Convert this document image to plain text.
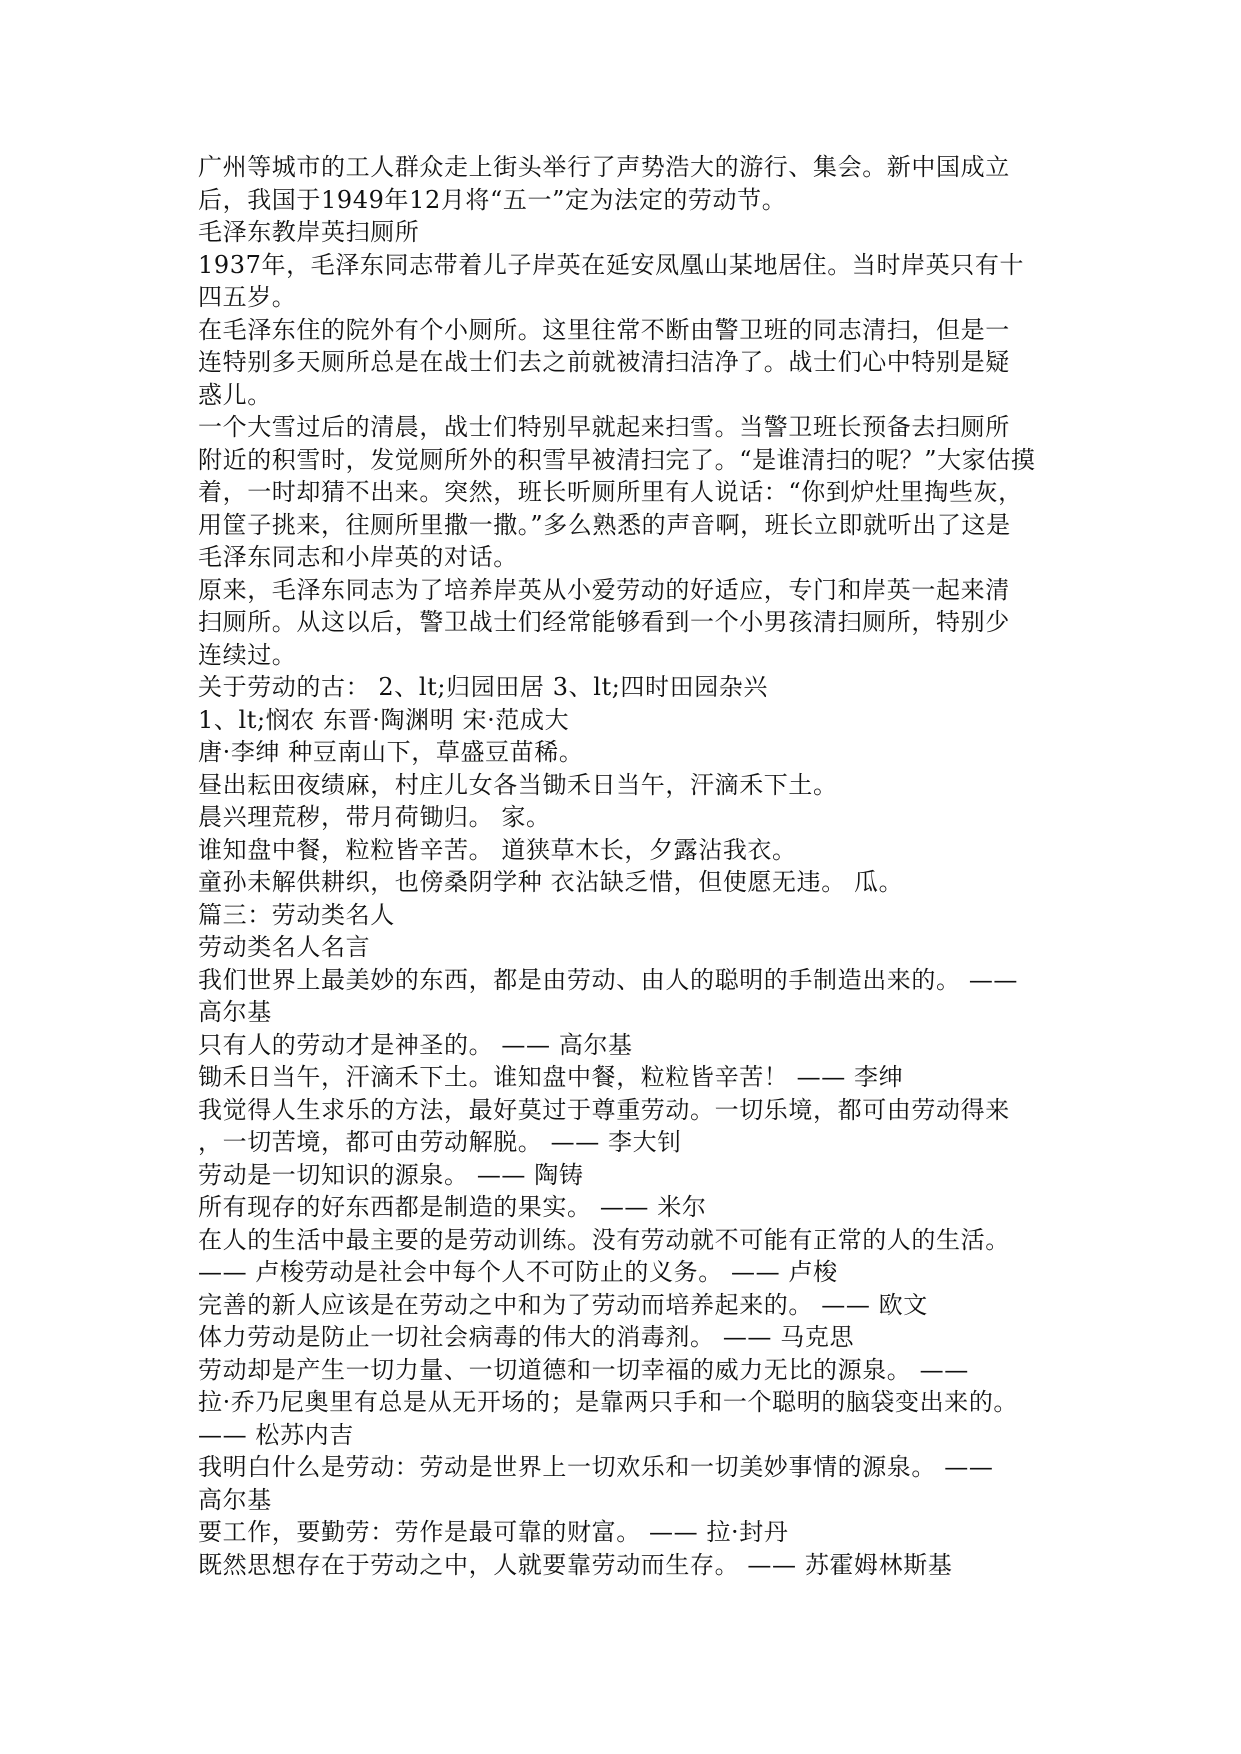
广州等城市的工人群众走上街头举行了声势浩大的游行、集会。新中国成立
后，我国于1949年12月将“五一”定为法定的劳动节。
毛泽东教岸英扫厕所
1937年，毛泽东同志带着儿子岸英在延安凤凰山某地居住。当时岸英只有十
四五岁。
在毛泽东住的院外有个小厕所。这里往常不断由警卫班的同志清扫，但是一
连特别多天厕所总是在战士们去之前就被清扫洁净了。战士们心中特别是疑
惑儿。
一个大雪过后的清晨，战士们特别早就起来扫雪。当警卫班长预备去扫厕所
附近的积雪时，发觉厕所外的积雪早被清扫完了。“是谁清扫的呢？”大家估摸
着，一时却猜不出来。突然，班长听厕所里有人说话：“你到炉灶里掏些灰，
用筐子挑来，往厕所里撒一撒。”多么熟悉的声音啊，班长立即就听出了这是
毛泽东同志和小岸英的对话。
原来，毛泽东同志为了培养岸英从小爱劳动的好适应，专门和岸英一起来清
扫厕所。从这以后，警卫战士们经常能够看到一个小男孩清扫厕所，特别少
连续过。
关于劳动的古： 2、lt;归园田居 3、lt;四时田园杂兴
1、lt;悯农 东晋·陶渊明 宋·范成大
唐·李绅 种豆南山下，草盛豆苗稀。
昼出耘田夜绩麻，村庄儿女各当锄禾日当午，汗滴禾下土。
晨兴理荒秽，带月荷锄归。 家。
谁知盘中餐，粒粒皆辛苦。 道狭草木长，夕露沾我衣。
童孙未解供耕织，也傍桑阴学种 衣沾缺乏惜，但使愿无违。 瓜。
篇三：劳动类名人
劳动类名人名言
我们世界上最美妙的东西，都是由劳动、由人的聪明的手制造出来的。 ——
高尔基
只有人的劳动才是神圣的。 —— 高尔基
锄禾日当午，汗滴禾下土。谁知盘中餐，粒粒皆辛苦！ —— 李绅
我觉得人生求乐的方法，最好莫过于尊重劳动。一切乐境，都可由劳动得来
，一切苦境，都可由劳动解脱。 —— 李大钊
劳动是一切知识的源泉。 —— 陶铸
所有现存的好东西都是制造的果实。 —— 米尔
在人的生活中最主要的是劳动训练。没有劳动就不可能有正常的人的生活。
—— 卢梭劳动是社会中每个人不可防止的义务。 —— 卢梭
完善的新人应该是在劳动之中和为了劳动而培养起来的。 —— 欧文
体力劳动是防止一切社会病毒的伟大的消毒剂。 —— 马克思
劳动却是产生一切力量、一切道德和一切幸福的威力无比的源泉。 ——
拉·乔乃尼奥里有总是从无开场的；是靠两只手和一个聪明的脑袋变出来的。
—— 松苏内吉
我明白什么是劳动：劳动是世界上一切欢乐和一切美妙事情的源泉。 ——
高尔基
要工作，要勤劳：劳作是最可靠的财富。 —— 拉·封丹
既然思想存在于劳动之中，人就要靠劳动而生存。 —— 苏霍姆林斯基
